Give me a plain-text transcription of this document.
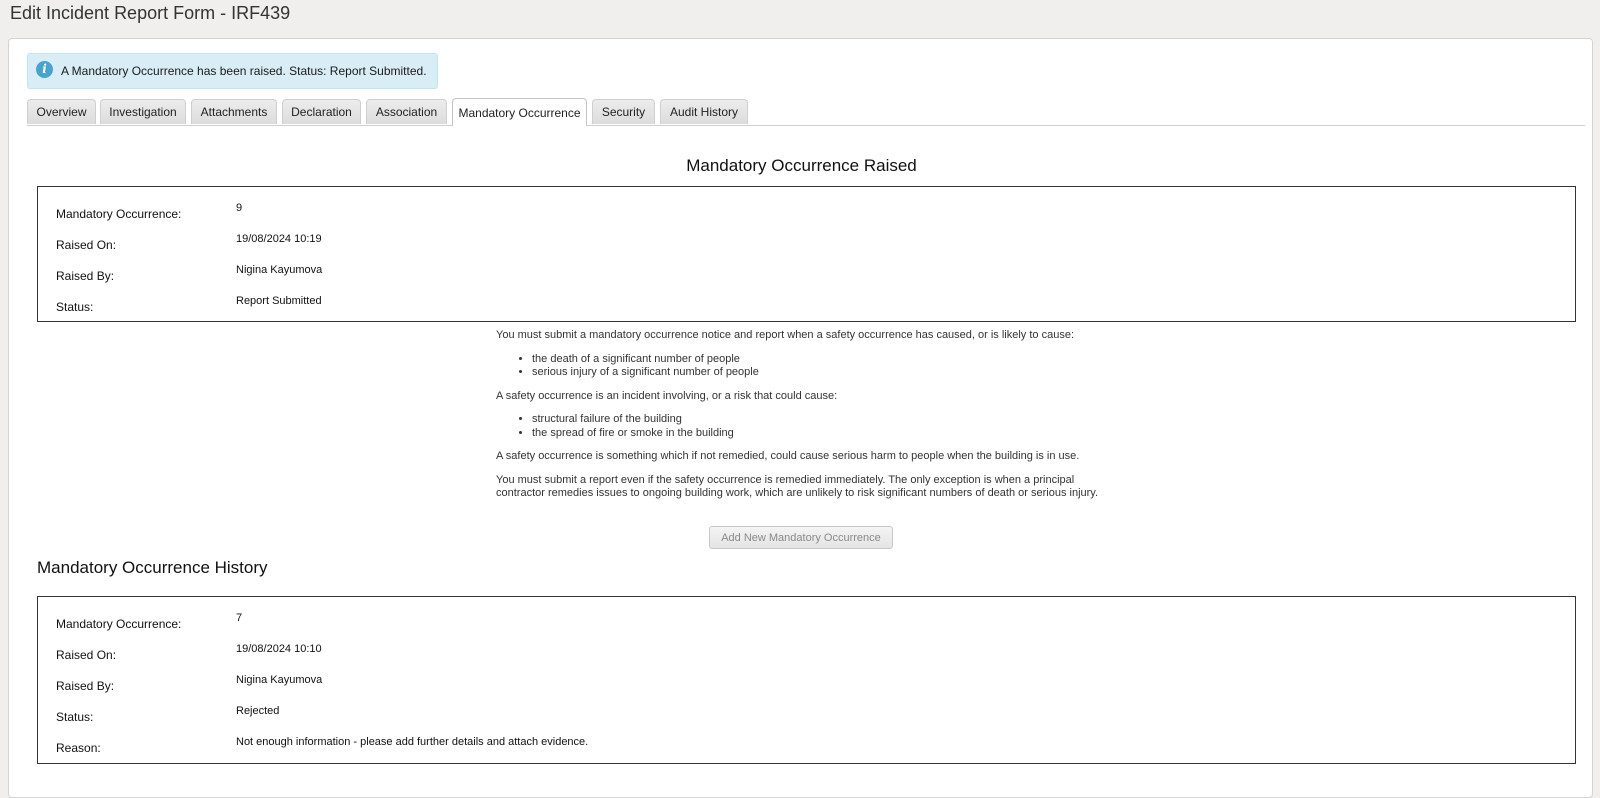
Edit Incident Report Form - IRF439
i	A Mandatory Occurrence has been raised. Status: Report Submitted.
Overview	Investigation	Attachments	Declaration	Association	Mandatory Occurrence	Security	Audit History
Mandatory Occurrence Raised
Mandatory Occurrence:	9
Raised On:	19/08/2024 10:19
Raised By:	Nigina Kayumova
Status:	Report Submitted

You must submit a mandatory occurrence notice and report when a safety occurrence has caused, or is likely to cause:

• the death of a significant number of people
• serious injury of a significant number of people

A safety occurrence is an incident involving, or a risk that could cause:

• structural failure of the building
• the spread of fire or smoke in the building

A safety occurrence is something which if not remedied, could cause serious harm to people when the building is in use.

You must submit a report even if the safety occurrence is remedied immediately. The only exception is when a principal contractor remedies issues to ongoing building work, which are unlikely to risk significant numbers of death or serious injury.

Add New Mandatory Occurrence
Mandatory Occurrence History
Mandatory Occurrence:	7
Raised On:	19/08/2024 10:10
Raised By:	Nigina Kayumova
Status:	Rejected
Reason:	Not enough information - please add further details and attach evidence.
